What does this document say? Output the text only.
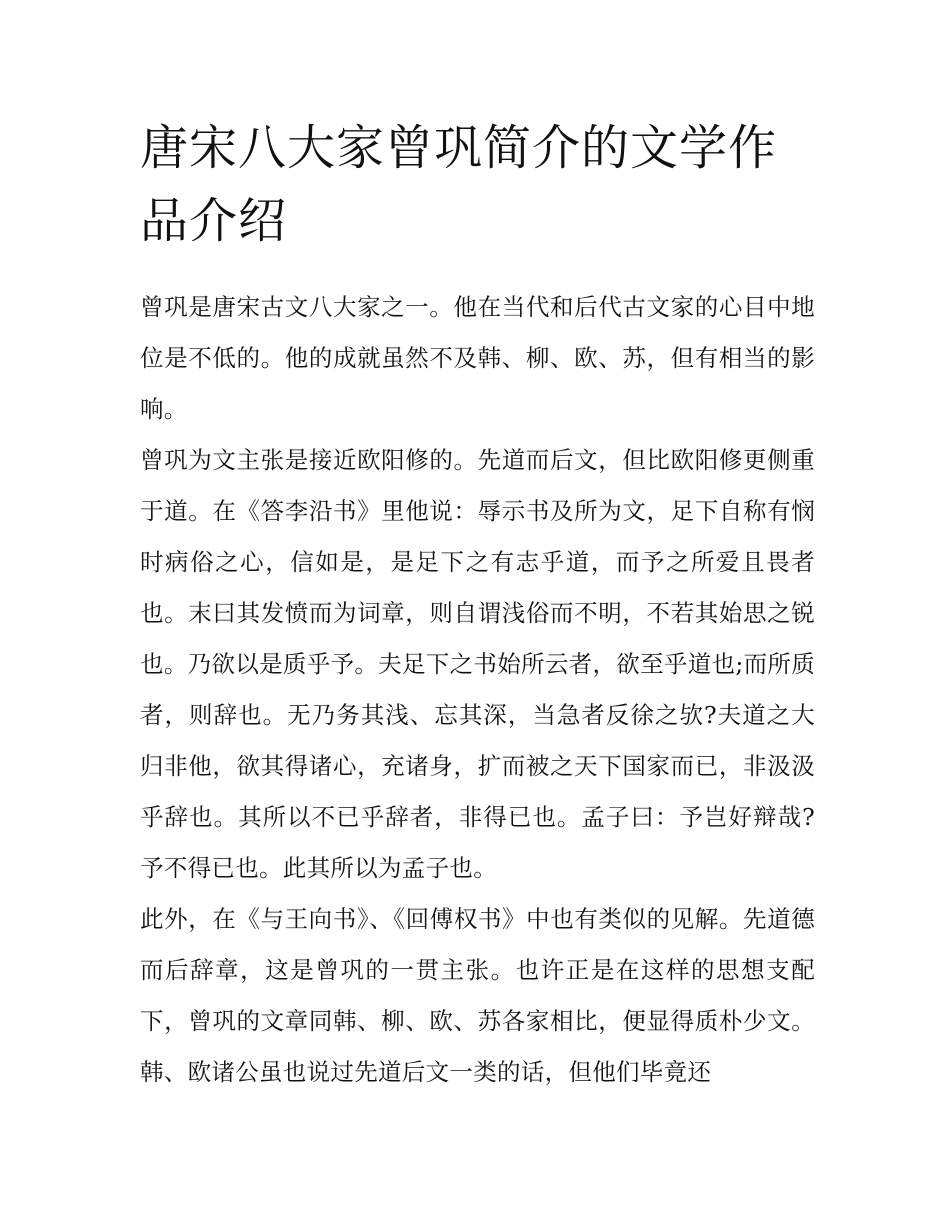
唐宋八大家曾巩简介的文学作品介绍

曾巩是唐宋古文八大家之一。他在当代和后代古文家的心目中地位是不低的。他的成就虽然不及韩、柳、欧、苏，但有相当的影响。

曾巩为文主张是接近欧阳修的。先道而后文，但比欧阳修更侧重于道。在《答李沿书》里他说：辱示书及所为文，足下自称有悯时病俗之心，信如是，是足下之有志乎道，而予之所爱且畏者也。末曰其发愤而为词章，则自谓浅俗而不明，不若其始思之锐也。乃欲以是质乎予。夫足下之书始所云者，欲至乎道也;而所质者，则辞也。无乃务其浅、忘其深，当急者反徐之欤?夫道之大归非他，欲其得诸心，充诸身，扩而被之天下国家而已，非汲汲乎辞也。其所以不已乎辞者，非得已也。孟子曰：予岂好辩哉?予不得已也。此其所以为孟子也。

此外，在《与王向书》、《回傅权书》中也有类似的见解。先道德而后辞章，这是曾巩的一贯主张。也许正是在这样的思想支配下，曾巩的文章同韩、柳、欧、苏各家相比，便显得质朴少文。韩、欧诸公虽也说过先道后文一类的话，但他们毕竟还
